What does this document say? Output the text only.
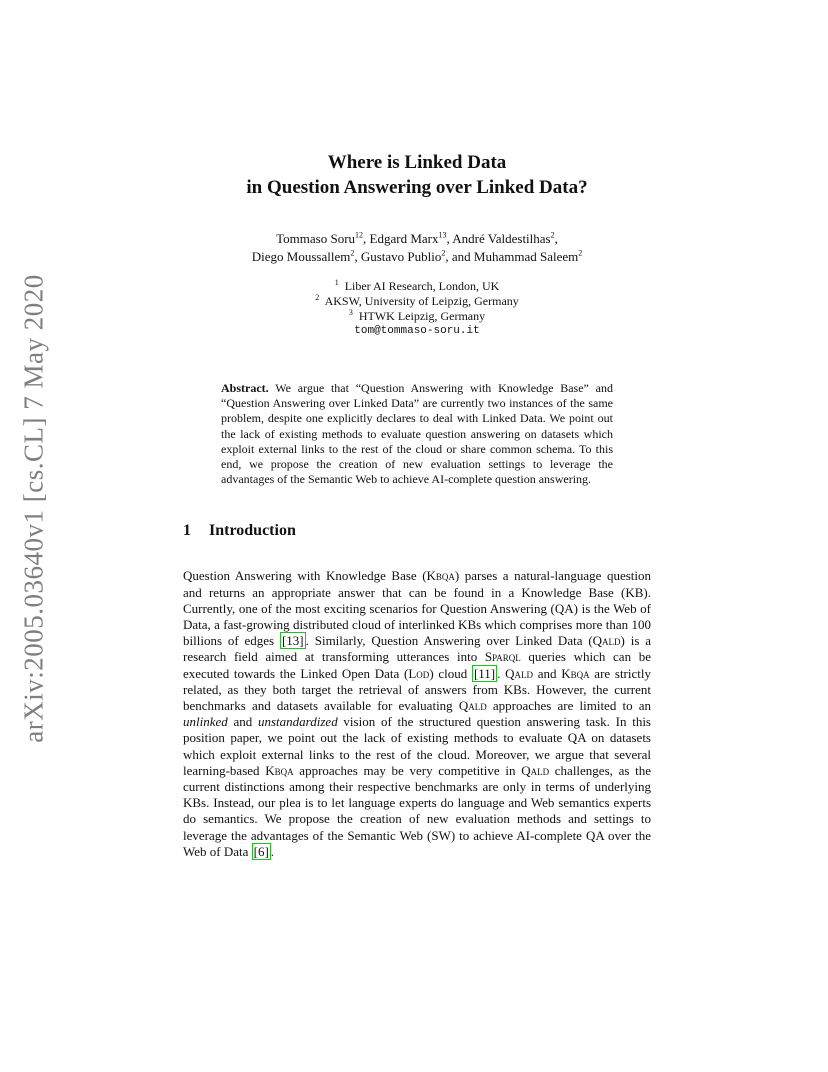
arXiv:2005.03640v1 [cs.CL] 7 May 2020
Where is Linked Data
in Question Answering over Linked Data?
Tommaso Soru$^{12}$, Edgard Marx$^{13}$, André Valdestilhas$^2$,
Diego Moussallem$^2$, Gustavo Publio$^2$, and Muhammad Saleem$^2$
$^1$ Liber AI Research, London, UK
$^2$ AKSW, University of Leipzig, Germany
$^3$ HTWK Leipzig, Germany
tom@tommaso-soru.it
Abstract. We argue that “Question Answering with Knowledge Base” and “Question Answering over Linked Data” are currently two instances of the same problem, despite one explicitly declares to deal with Linked Data. We point out the lack of existing methods to evaluate question answering on datasets which exploit external links to the rest of the cloud or share common schema. To this end, we propose the creation of new evaluation settings to leverage the advantages of the Semantic Web to achieve AI-complete question answering.
1 Introduction

Question Answering with Knowledge Base (Kbqa) parses a natural-language question and returns an appropriate answer that can be found in a Knowledge Base (KB). Currently, one of the most exciting scenarios for Question Answering (QA) is the Web of Data, a fast-growing distributed cloud of interlinked KBs which comprises more than 100 billions of edges [13] . Similarly, Question Answering over Linked Data (Qald) is a research field aimed at transforming utterances into Sparql queries which can be executed towards the Linked Open Data (Lod) cloud [11] . Qald and Kbqa are strictly related, as they both target the retrieval of answers from KBs. However, the current benchmarks and datasets available for evaluating Qald approaches are limited to an unlinked and unstandardized vision of the structured question answering task. In this position paper, we point out the lack of existing methods to evaluate QA on datasets which exploit external links to the rest of the cloud. Moreover, we argue that several learning-based Kbqa approaches may be very competitive in Qald challenges, as the current distinctions among their respective benchmarks are only in terms of underlying KBs. Instead, our plea is to let language experts do language and Web semantics experts do semantics. We propose the creation of new evaluation methods and settings to leverage the advantages of the Semantic Web (SW) to achieve AI-complete QA over the Web of Data [6] .
